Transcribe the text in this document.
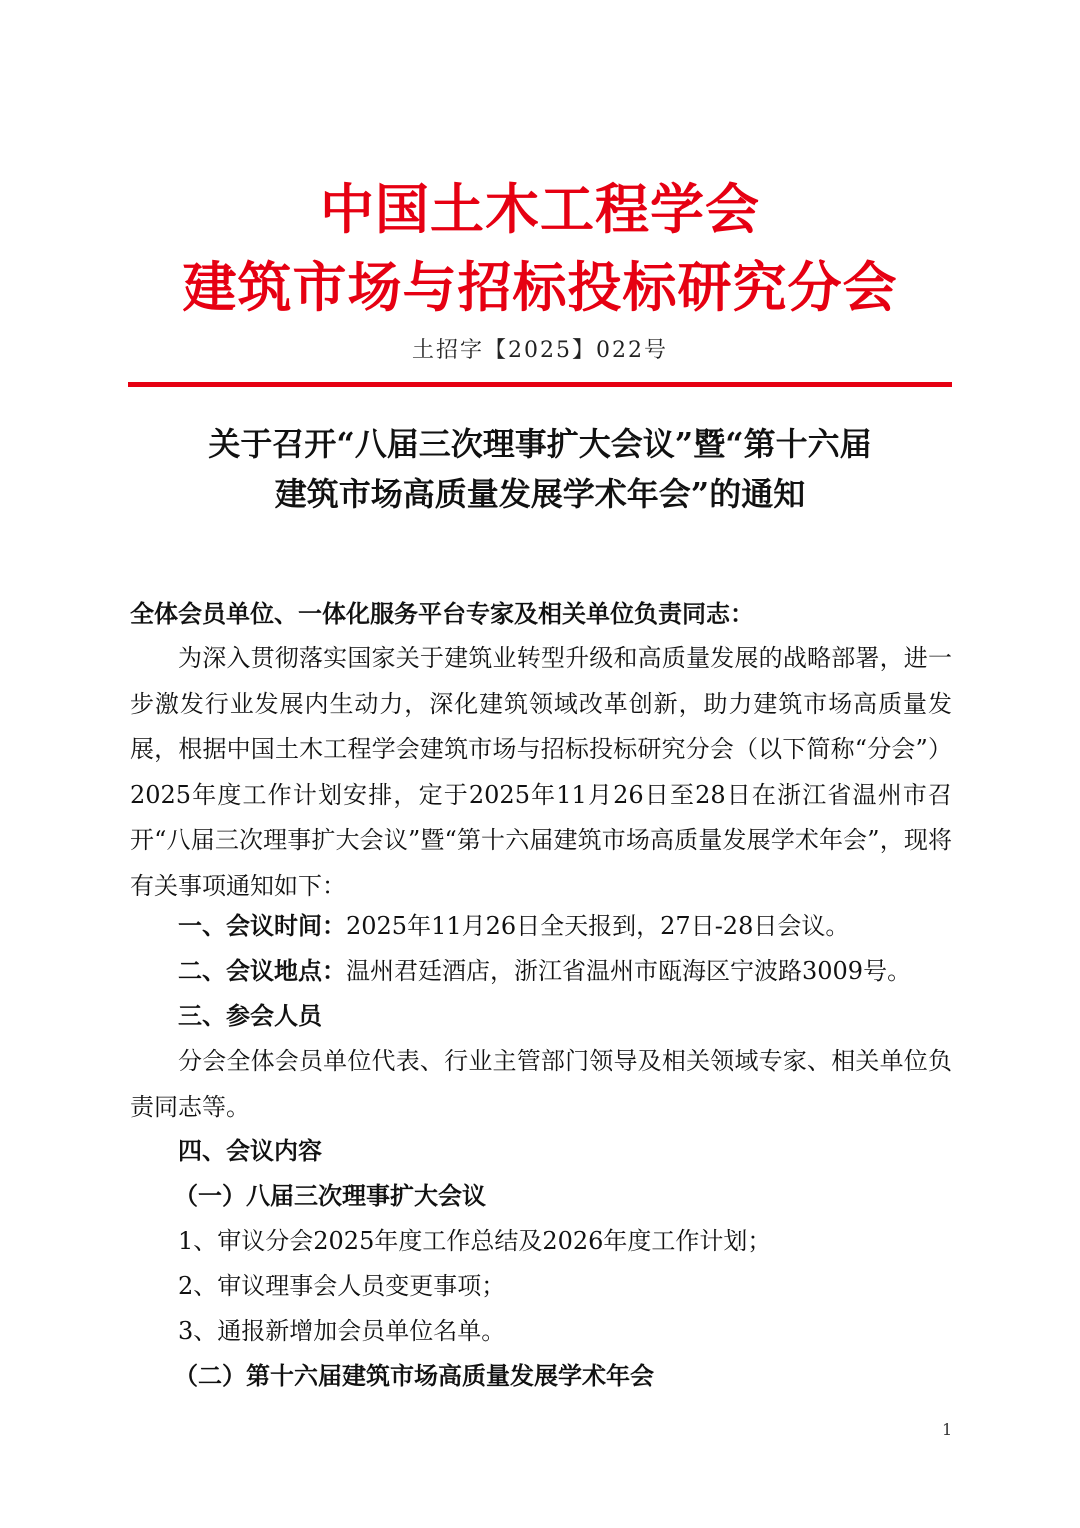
中国土木工程学会
建筑市场与招标投标研究分会
土招字【2025】022号
关于召开“八届三次理事扩大会议”暨“第十六届
建筑市场高质量发展学术年会”的通知
全体会员单位、一体化服务平台专家及相关单位负责同志：
为深入贯彻落实国家关于建筑业转型升级和高质量发展的战略部署，进一步激发行业发展内生动力，深化建筑领域改革创新，助力建筑市场高质量发展，根据中国土木工程学会建筑市场与招标投标研究分会（以下简称“分会”）2025年度工作计划安排，定于2025年11月26日至28日在浙江省温州市召开“八届三次理事扩大会议”暨“第十六届建筑市场高质量发展学术年会”，现将有关事项通知如下：
一、会议时间：2025年11月26日全天报到，27日-28日会议。
二、会议地点：温州君廷酒店，浙江省温州市瓯海区宁波路3009号。
三、参会人员
分会全体会员单位代表、行业主管部门领导及相关领域专家、相关单位负责同志等。
四、会议内容
（一）八届三次理事扩大会议
1、审议分会2025年度工作总结及2026年度工作计划；
2、审议理事会人员变更事项；
3、通报新增加会员单位名单。
（二）第十六届建筑市场高质量发展学术年会
1
